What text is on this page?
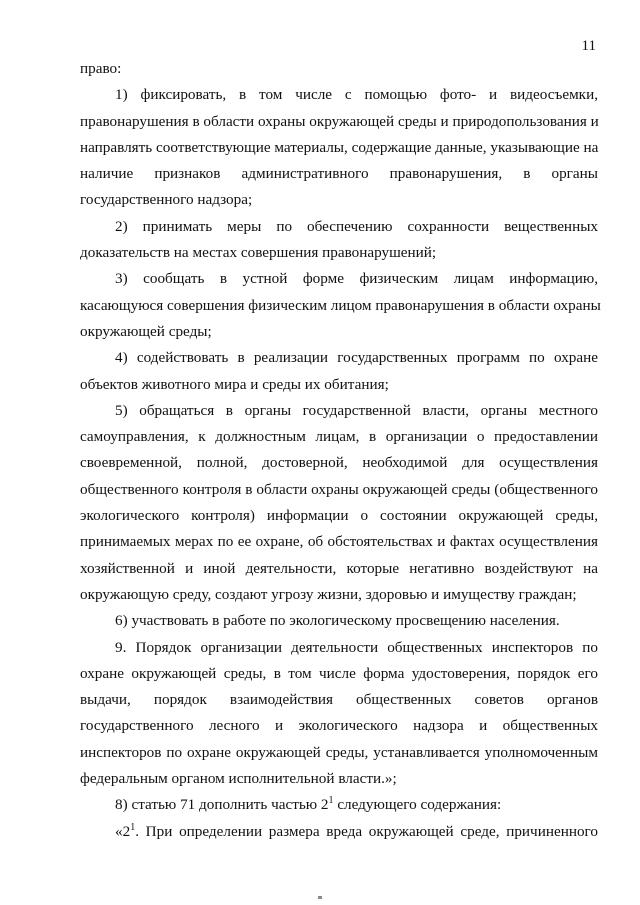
11
право:
1) фиксировать, в том числе с помощью фото- и видеосъемки,
правонарушения в области охраны окружающей среды и природопользования и
направлять соответствующие материалы, содержащие данные, указывающие на
наличие признаков административного правонарушения, в органы
государственного надзора;
2) принимать меры по обеспечению сохранности вещественных
доказательств на местах совершения правонарушений;
3) сообщать в устной форме физическим лицам информацию,
касающуюся совершения физическим лицом правонарушения в области охраны
окружающей среды;
4) содействовать в реализации государственных программ по охране
объектов животного мира и среды их обитания;
5) обращаться в органы государственной власти, органы местного
самоуправления, к должностным лицам, в организации о предоставлении
своевременной, полной, достоверной, необходимой для осуществления
общественного контроля в области охраны окружающей среды (общественного
экологического контроля) информации о состоянии окружающей среды,
принимаемых мерах по ее охране, об обстоятельствах и фактах осуществления
хозяйственной и иной деятельности, которые негативно воздействуют на
окружающую среду, создают угрозу жизни, здоровью и имуществу граждан;
6) участвовать в работе по экологическому просвещению населения.
9. Порядок организации деятельности общественных инспекторов по
охране окружающей среды, в том числе форма удостоверения, порядок его
выдачи, порядок взаимодействия общественных советов органов
государственного лесного и экологического надзора и общественных
инспекторов по охране окружающей среды, устанавливается уполномоченным
федеральным органом исполнительной власти.»;
8) статью 71 дополнить частью $2^1$ следующего содержания:
«$2^1$. При определении размера вреда окружающей среде, причиненного
